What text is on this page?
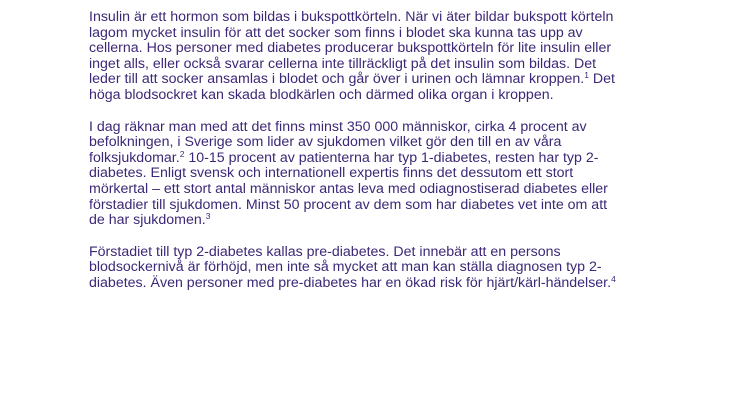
Insulin är ett hormon som bildas i bukspottkörteln. När vi äter bildar bukspott körteln
lagom mycket insulin för att det socker som finns i blodet ska kunna tas upp av
cellerna. Hos personer med diabetes producerar bukspottkörteln för lite insulin eller
inget alls, eller också svarar cellerna inte tillräckligt på det insulin som bildas. Det
leder till att socker ansamlas i blodet och går över i urinen och lämnar kroppen.$^1$ Det
höga blodsockret kan skada blodkärlen och därmed olika organ i kroppen.

I dag räknar man med att det finns minst 350 000 människor, cirka 4 procent av
befolkningen, i Sverige som lider av sjukdomen vilket gör den till en av våra
folksjukdomar.$^2$ 10-15 procent av patienterna har typ 1-diabetes, resten har typ 2-
diabetes. Enligt svensk och internationell expertis finns det dessutom ett stort
mörkertal – ett stort antal människor antas leva med odiagnostiserad diabetes eller
förstadier till sjukdomen. Minst 50 procent av dem som har diabetes vet inte om att
de har sjukdomen.$^3$

Förstadiet till typ 2-diabetes kallas pre-diabetes. Det innebär att en persons
blodsockernivå är förhöjd, men inte så mycket att man kan ställa diagnosen typ 2-
diabetes. Även personer med pre-diabetes har en ökad risk för hjärt/kärl-händelser.$^4$
